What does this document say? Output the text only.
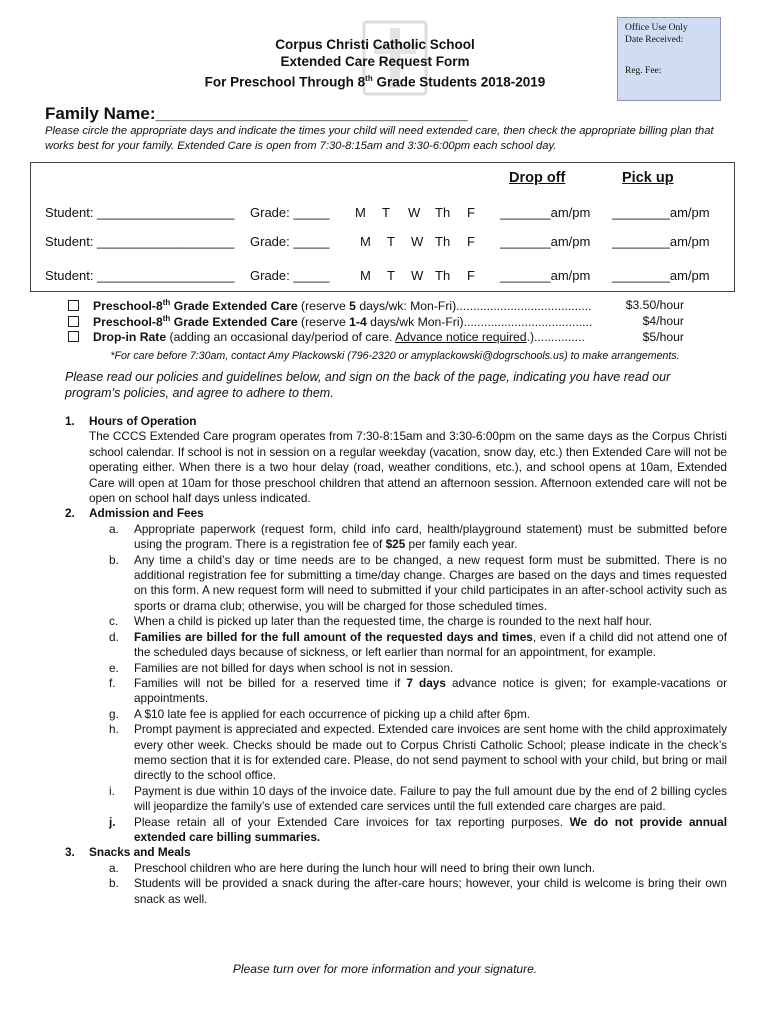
Corpus Christi Catholic School
Extended Care Request Form
For Preschool Through 8th Grade Students 2018-2019
Office Use Only
Date Received:
Reg. Fee:
Family Name:_________________________________
Please circle the appropriate days and indicate the times your child will need extended care, then check the appropriate billing plan that works best for your family. Extended Care is open from 7:30-8:15am and 3:30-6:00pm each school day.
Drop off	Pick up
Student: ___________________ Grade: _____ M T W Th F _______am/pm ________am/pm
Student: ___________________ Grade: _____ M T W Th F _______am/pm ________am/pm
Student: ___________________ Grade: _____ M T W Th F _______am/pm ________am/pm
Preschool-8th Grade Extended Care (reserve 5 days/wk: Mon-Fri)........................................	$3.50/hour
Preschool-8th Grade Extended Care (reserve 1-4 days/wk Mon-Fri)......................................	$4/hour
Drop-in Rate (adding an occasional day/period of care. Advance notice required.)...............	$5/hour
*For care before 7:30am, contact Amy Plackowski (796-2320 or amyplackowski@dogrschools.us) to make arrangements.
Please read our policies and guidelines below, and sign on the back of the page, indicating you have read our program’s policies, and agree to adhere to them.
1. Hours of Operation
The CCCS Extended Care program operates from 7:30-8:15am and 3:30-6:00pm on the same days as the Corpus Christi school calendar. If school is not in session on a regular weekday (vacation, snow day, etc.) then Extended Care will not be operating either. When there is a two hour delay (road, weather conditions, etc.), and school opens at 10am, Extended Care will open at 10am for those preschool children that attend an afternoon session. Afternoon extended care will not be open on school half days unless indicated.
2. Admission and Fees
a. Appropriate paperwork (request form, child info card, health/playground statement) must be submitted before using the program. There is a registration fee of $25 per family each year.
b. Any time a child’s day or time needs are to be changed, a new request form must be submitted. There is no additional registration fee for submitting a time/day change. Charges are based on the days and times requested on this form. A new request form will need to submitted if your child participates in an after-school activity such as sports or drama club; otherwise, you will be charged for those scheduled times.
c. When a child is picked up later than the requested time, the charge is rounded to the next half hour.
d. Families are billed for the full amount of the requested days and times, even if a child did not attend one of the scheduled days because of sickness, or left earlier than normal for an appointment, for example.
e. Families are not billed for days when school is not in session.
f. Families will not be billed for a reserved time if 7 days advance notice is given; for example-vacations or appointments.
g. A $10 late fee is applied for each occurrence of picking up a child after 6pm.
h. Prompt payment is appreciated and expected. Extended care invoices are sent home with the child approximately every other week. Checks should be made out to Corpus Christi Catholic School; please indicate in the check’s memo section that it is for extended care. Please, do not send payment to school with your child, but bring or mail directly to the school office.
i. Payment is due within 10 days of the invoice date. Failure to pay the full amount due by the end of 2 billing cycles will jeopardize the family’s use of extended care services until the full extended care charges are paid.
j. Please retain all of your Extended Care invoices for tax reporting purposes. We do not provide annual extended care billing summaries.
3. Snacks and Meals
a. Preschool children who are here during the lunch hour will need to bring their own lunch.
b. Students will be provided a snack during the after-care hours; however, your child is welcome is bring their own snack as well.
Please turn over for more information and your signature.
